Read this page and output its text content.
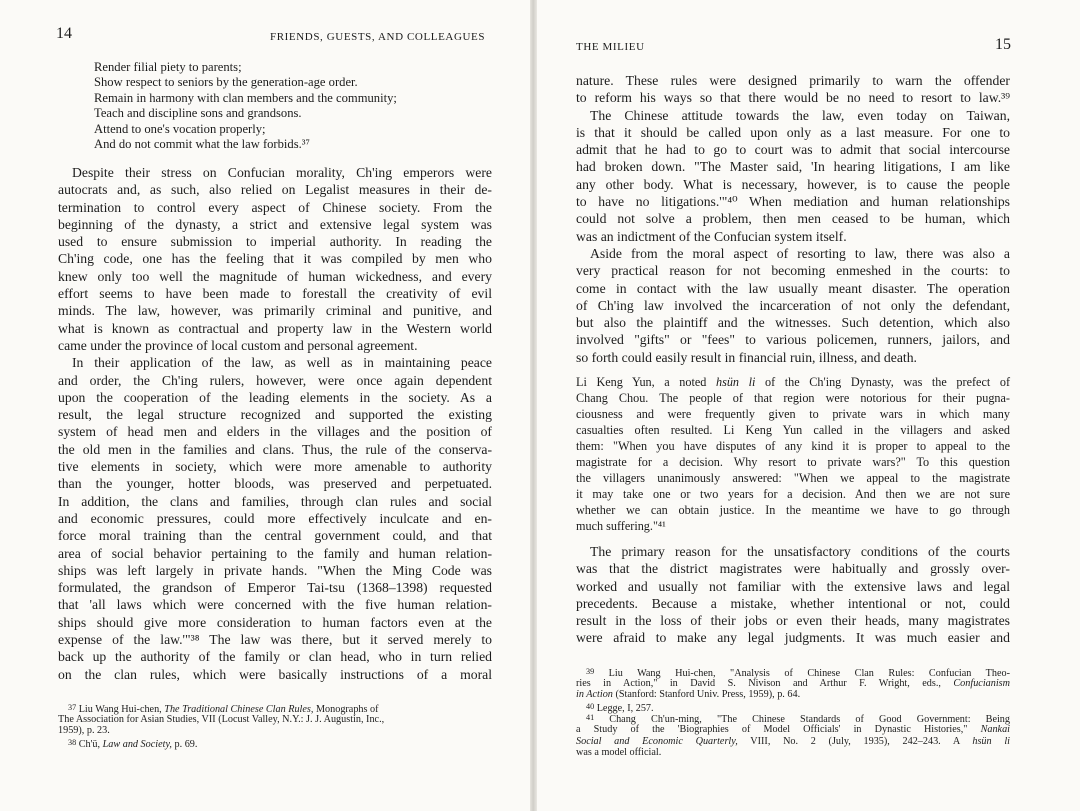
14	FRIENDS, GUESTS, AND COLLEAGUES
Render filial piety to parents;
Show respect to seniors by the generation-age order.
Remain in harmony with clan members and the community;
Teach and discipline sons and grandsons.
Attend to one's vocation properly;
And do not commit what the law forbids.³⁷
Despite their stress on Confucian morality, Ch'ing emperors were
autocrats and, as such, also relied on Legalist measures in their de-
termination to control every aspect of Chinese society. From the
beginning of the dynasty, a strict and extensive legal system was
used to ensure submission to imperial authority. In reading the
Ch'ing code, one has the feeling that it was compiled by men who
knew only too well the magnitude of human wickedness, and every
effort seems to have been made to forestall the creativity of evil
minds. The law, however, was primarily criminal and punitive, and
what is known as contractual and property law in the Western world
came under the province of local custom and personal agreement.
In their application of the law, as well as in maintaining peace
and order, the Ch'ing rulers, however, were once again dependent
upon the cooperation of the leading elements in the society. As a
result, the legal structure recognized and supported the existing
system of head men and elders in the villages and the position of
the old men in the families and clans. Thus, the rule of the conserva-
tive elements in society, which were more amenable to authority
than the younger, hotter bloods, was preserved and perpetuated.
In addition, the clans and families, through clan rules and social
and economic pressures, could more effectively inculcate and en-
force moral training than the central government could, and that
area of social behavior pertaining to the family and human relation-
ships was left largely in private hands. "When the Ming Code was
formulated, the grandson of Emperor Tai-tsu (1368–1398) requested
that 'all laws which were concerned with the five human relation-
ships should give more consideration to human factors even at the
expense of the law.'"³⁸ The law was there, but it served merely to
back up the authority of the family or clan head, who in turn relied
on the clan rules, which were basically instructions of a moral
$^{37}$ Liu Wang Hui-chen, The Traditional Chinese Clan Rules, Monographs of
The Association for Asian Studies, VII (Locust Valley, N.Y.: J. J. Augustin, Inc.,
1959), p. 23.
$^{38}$ Ch'ü, Law and Society, p. 69.
THE MILIEU	15
nature. These rules were designed primarily to warn the offender
to reform his ways so that there would be no need to resort to law.³⁹
The Chinese attitude towards the law, even today on Taiwan,
is that it should be called upon only as a last measure. For one to
admit that he had to go to court was to admit that social intercourse
had broken down. "The Master said, 'In hearing litigations, I am like
any other body. What is necessary, however, is to cause the people
to have no litigations.'"⁴⁰ When mediation and human relationships
could not solve a problem, then men ceased to be human, which
was an indictment of the Confucian system itself.
Aside from the moral aspect of resorting to law, there was also a
very practical reason for not becoming enmeshed in the courts: to
come in contact with the law usually meant disaster. The operation
of Ch'ing law involved the incarceration of not only the defendant,
but also the plaintiff and the witnesses. Such detention, which also
involved "gifts" or "fees" to various policemen, runners, jailors, and
so forth could easily result in financial ruin, illness, and death.
Li Keng Yun, a noted hsün li of the Ch'ing Dynasty, was the prefect of
Chang Chou. The people of that region were notorious for their pugna-
ciousness and were frequently given to private wars in which many
casualties often resulted. Li Keng Yun called in the villagers and asked
them: "When you have disputes of any kind it is proper to appeal to the
magistrate for a decision. Why resort to private wars?" To this question
the villagers unanimously answered: "When we appeal to the magistrate
it may take one or two years for a decision. And then we are not sure
whether we can obtain justice. In the meantime we have to go through
much suffering."⁴¹
The primary reason for the unsatisfactory conditions of the courts
was that the district magistrates were habitually and grossly over-
worked and usually not familiar with the extensive laws and legal
precedents. Because a mistake, whether intentional or not, could
result in the loss of their jobs or even their heads, many magistrates
were afraid to make any legal judgments. It was much easier and
$^{39}$ Liu Wang Hui-chen, "Analysis of Chinese Clan Rules: Confucian Theo-
ries in Action," in David S. Nivison and Arthur F. Wright, eds., Confucianism
in Action (Stanford: Stanford Univ. Press, 1959), p. 64.
$^{40}$ Legge, I, 257.
$^{41}$ Chang Ch'un-ming, "The Chinese Standards of Good Government: Being
a Study of the 'Biographies of Model Officials' in Dynastic Histories," Nankai
Social and Economic Quarterly, VIII, No. 2 (July, 1935), 242–243. A hsün li
was a model official.
